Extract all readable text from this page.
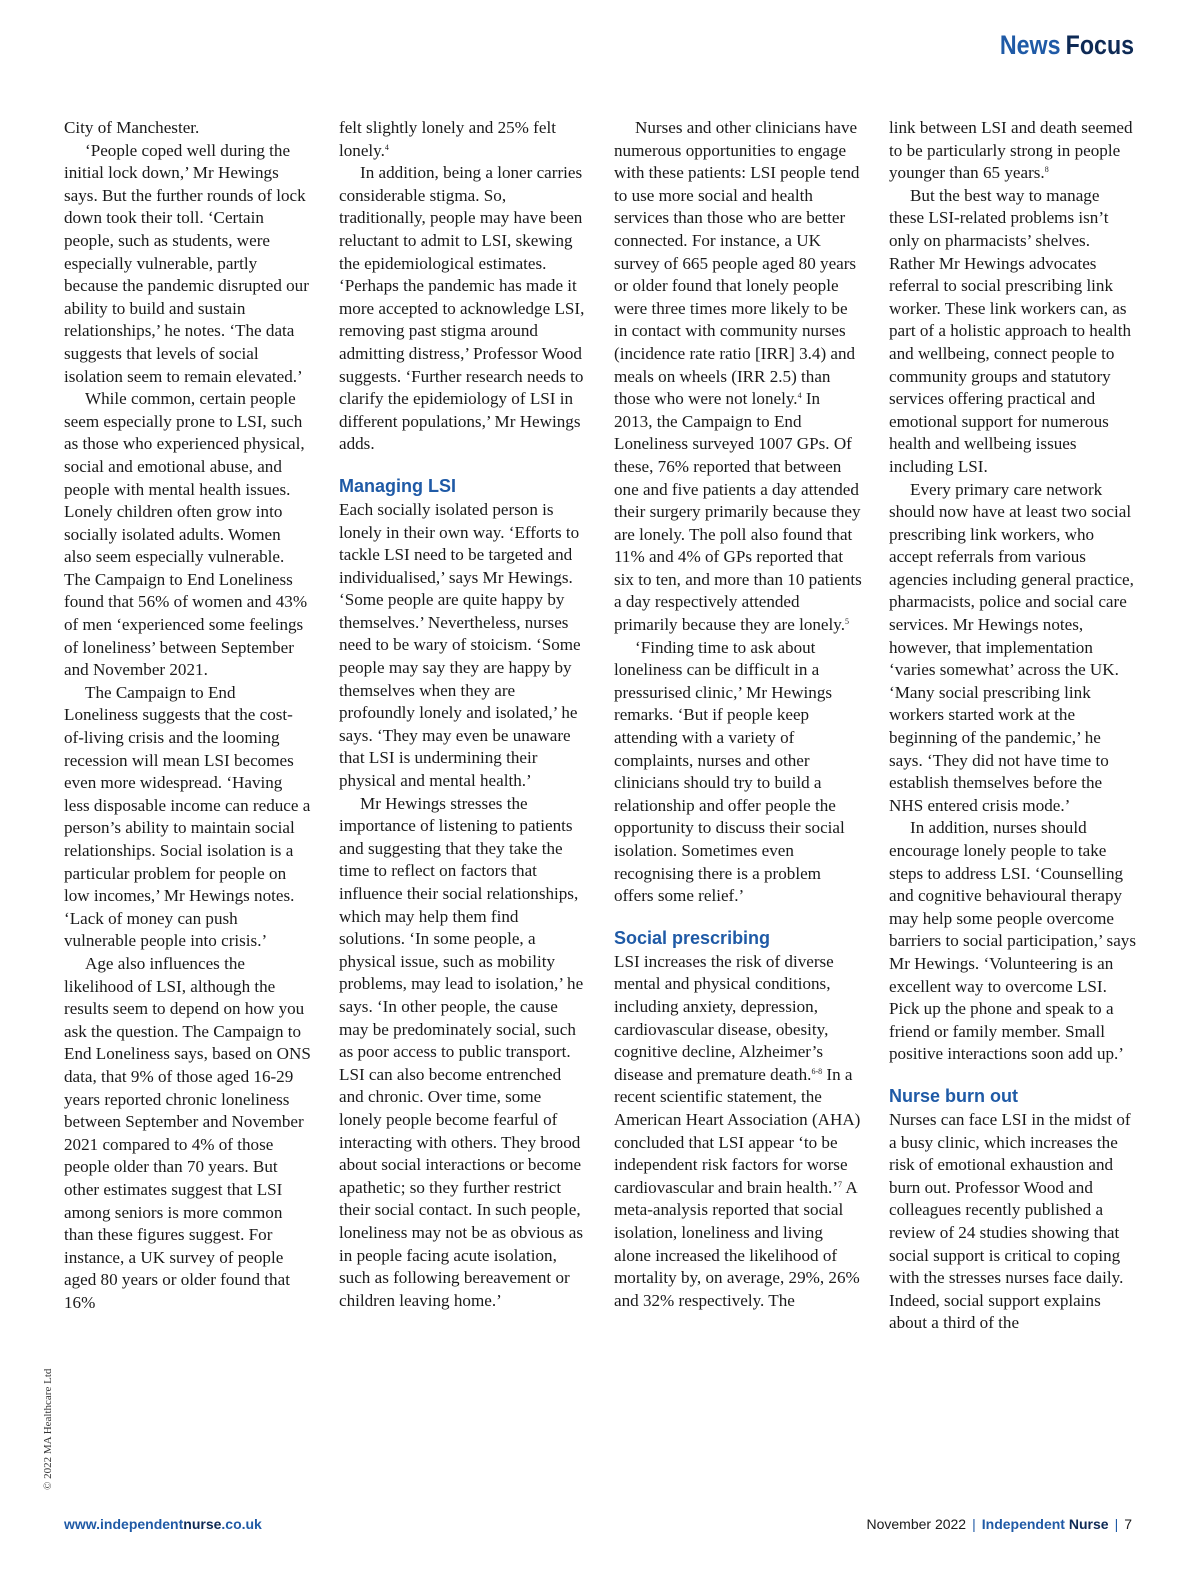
News Focus

City of Manchester.

‘People coped well during the initial lock down,’ Mr Hewings says. But the further rounds of lock down took their toll. ‘Certain people, such as students, were especially vulnerable, partly because the pandemic disrupted our ability to build and sustain relationships,’ he notes. ‘The data suggests that levels of social isolation seem to remain elevated.’

While common, certain people seem especially prone to LSI, such as those who experienced physical, social and emotional abuse, and people with mental health issues. Lonely children often grow into socially isolated adults. Women also seem especially vulnerable. The Campaign to End Loneliness found that 56% of women and 43% of men ‘experienced some feelings of loneliness’ between September and November 2021.

The Campaign to End Loneliness suggests that the cost-of-living crisis and the looming recession will mean LSI becomes even more widespread. ‘Having less disposable income can reduce a person’s ability to maintain social relationships. Social isolation is a particular problem for people on low incomes,’ Mr Hewings notes. ‘Lack of money can push vulnerable people into crisis.’

Age also influences the likelihood of LSI, although the results seem to depend on how you ask the question. The Campaign to End Loneliness says, based on ONS data, that 9% of those aged 16-29 years reported chronic loneliness between September and November 2021 compared to 4% of those people older than 70 years. But other estimates suggest that LSI among seniors is more common than these figures suggest. For instance, a UK survey of people aged 80 years or older found that 16%

felt slightly lonely and 25% felt lonely.$^4$

In addition, being a loner carries considerable stigma. So, traditionally, people may have been reluctant to admit to LSI, skewing the epidemiological estimates. ‘Perhaps the pandemic has made it more accepted to acknowledge LSI, removing past stigma around admitting distress,’ Professor Wood suggests. ‘Further research needs to clarify the epidemiology of LSI in different populations,’ Mr Hewings adds.

Managing LSI

Each socially isolated person is lonely in their own way. ‘Efforts to tackle LSI need to be targeted and individualised,’ says Mr Hewings. ‘Some people are quite happy by themselves.’ Nevertheless, nurses need to be wary of stoicism. ‘Some people may say they are happy by themselves when they are profoundly lonely and isolated,’ he says. ‘They may even be unaware that LSI is undermining their physical and mental health.’

Mr Hewings stresses the importance of listening to patients and suggesting that they take the time to reflect on factors that influence their social relationships, which may help them find solutions. ‘In some people, a physical issue, such as mobility problems, may lead to isolation,’ he says. ‘In other people, the cause may be predominately social, such as poor access to public transport. LSI can also become entrenched and chronic. Over time, some lonely people become fearful of interacting with others. They brood about social interactions or become apathetic; so they further restrict their social contact. In such people, loneliness may not be as obvious as in people facing acute isolation, such as following bereavement or children leaving home.’

Nurses and other clinicians have numerous opportunities to engage with these patients: LSI people tend to use more social and health services than those who are better connected. For instance, a UK survey of 665 people aged 80 years or older found that lonely people were three times more likely to be in contact with community nurses (incidence rate ratio [IRR] 3.4) and meals on wheels (IRR 2.5) than those who were not lonely.$^4$ In 2013, the Campaign to End Loneliness surveyed 1007 GPs. Of these, 76% reported that between one and five patients a day attended their surgery primarily because they are lonely. The poll also found that 11% and 4% of GPs reported that six to ten, and more than 10 patients a day respectively attended primarily because they are lonely.$^5$

‘Finding time to ask about loneliness can be difficult in a pressurised clinic,’ Mr Hewings remarks. ‘But if people keep attending with a variety of complaints, nurses and other clinicians should try to build a relationship and offer people the opportunity to discuss their social isolation. Sometimes even recognising there is a problem offers some relief.’

Social prescribing

LSI increases the risk of diverse mental and physical conditions, including anxiety, depression, cardiovascular disease, obesity, cognitive decline, Alzheimer’s disease and premature death.$^{6-8}$ In a recent scientific statement, the American Heart Association (AHA) concluded that LSI appear ‘to be independent risk factors for worse cardiovascular and brain health.’$^7$ A meta-analysis reported that social isolation, loneliness and living alone increased the likelihood of mortality by, on average, 29%, 26% and 32% respectively. The

link between LSI and death seemed to be particularly strong in people younger than 65 years.$^8$

But the best way to manage these LSI-related problems isn’t only on pharmacists’ shelves. Rather Mr Hewings advocates referral to social prescribing link worker. These link workers can, as part of a holistic approach to health and wellbeing, connect people to community groups and statutory services offering practical and emotional support for numerous health and wellbeing issues including LSI.

Every primary care network should now have at least two social prescribing link workers, who accept referrals from various agencies including general practice, pharmacists, police and social care services. Mr Hewings notes, however, that implementation ‘varies somewhat’ across the UK. ‘Many social prescribing link workers started work at the beginning of the pandemic,’ he says. ‘They did not have time to establish themselves before the NHS entered crisis mode.’

In addition, nurses should encourage lonely people to take steps to address LSI. ‘Counselling and cognitive behavioural therapy may help some people overcome barriers to social participation,’ says Mr Hewings. ‘Volunteering is an excellent way to overcome LSI. Pick up the phone and speak to a friend or family member. Small positive interactions soon add up.’

Nurse burn out

Nurses can face LSI in the midst of a busy clinic, which increases the risk of emotional exhaustion and burn out. Professor Wood and colleagues recently published a review of 24 studies showing that social support is critical to coping with the stresses nurses face daily. Indeed, social support explains about a third of the

© 2022 MA Healthcare Ltd
www.independentnurse.co.uk	November 2022 | Independent Nurse | 7
